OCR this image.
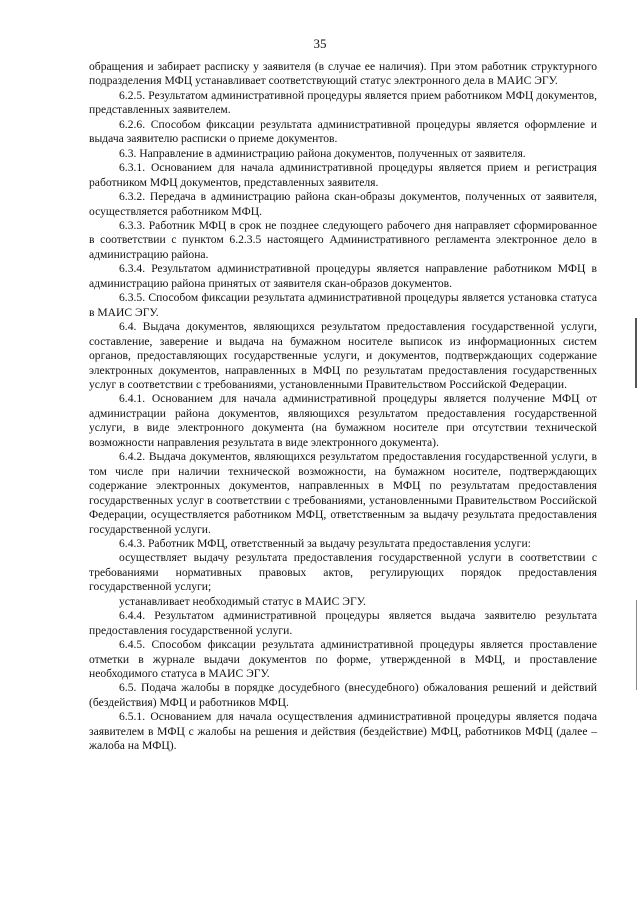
35

обращения и забирает расписку у заявителя (в случае ее наличия). При этом работник структурного подразделения МФЦ устанавливает соответствующий статус электронного дела в МАИС ЭГУ.

6.2.5. Результатом административной процедуры является прием работником МФЦ документов, представленных заявителем.

6.2.6. Способом фиксации результата административной процедуры является оформление и выдача заявителю расписки о приеме документов.

6.3. Направление в администрацию района документов, полученных от заявителя.

6.3.1. Основанием для начала административной процедуры является прием и регистрация работником МФЦ документов, представленных заявителя.

6.3.2. Передача в администрацию района скан-образы документов, полученных от заявителя, осуществляется работником МФЦ.

6.3.3. Работник МФЦ в срок не позднее следующего рабочего дня направляет сформированное в соответствии с пунктом 6.2.3.5 настоящего Административного регламента электронное дело в администрацию района.

6.3.4. Результатом административной процедуры является направление работником МФЦ в администрацию района принятых от заявителя скан-образов документов.

6.3.5. Способом фиксации результата административной процедуры является установка статуса в МАИС ЭГУ.

6.4. Выдача документов, являющихся результатом предоставления государственной услуги, составление, заверение и выдача на бумажном носителе выписок из информационных систем органов, предоставляющих государственные услуги, и документов, подтверждающих содержание электронных документов, направленных в МФЦ по результатам предоставления государственных услуг в соответствии с требованиями, установленными Правительством Российской Федерации.

6.4.1. Основанием для начала административной процедуры является получение МФЦ от администрации района документов, являющихся результатом предоставления государственной услуги, в виде электронного документа (на бумажном носителе при отсутствии технической возможности направления результата в виде электронного документа).

6.4.2. Выдача документов, являющихся результатом предоставления государственной услуги, в том числе при наличии технической возможности, на бумажном носителе, подтверждающих содержание электронных документов, направленных в МФЦ по результатам предоставления государственных услуг в соответствии с требованиями, установленными Правительством Российской Федерации, осуществляется работником МФЦ, ответственным за выдачу результата предоставления государственной услуги.

6.4.3. Работник МФЦ, ответственный за выдачу результата предоставления услуги:

осуществляет выдачу результата предоставления государственной услуги в соответствии с требованиями нормативных правовых актов, регулирующих порядок предоставления государственной услуги;

устанавливает необходимый статус в МАИС ЭГУ.

6.4.4. Результатом административной процедуры является выдача заявителю результата предоставления государственной услуги.

6.4.5. Способом фиксации результата административной процедуры является проставление отметки в журнале выдачи документов по форме, утвержденной в МФЦ, и проставление необходимого статуса в МАИС ЭГУ.

6.5. Подача жалобы в порядке досудебного (внесудебного) обжалования решений и действий (бездействия) МФЦ и работников МФЦ.

6.5.1. Основанием для начала осуществления административной процедуры является подача заявителем в МФЦ с жалобы на решения и действия (бездействие) МФЦ, работников МФЦ (далее – жалоба на МФЦ).
